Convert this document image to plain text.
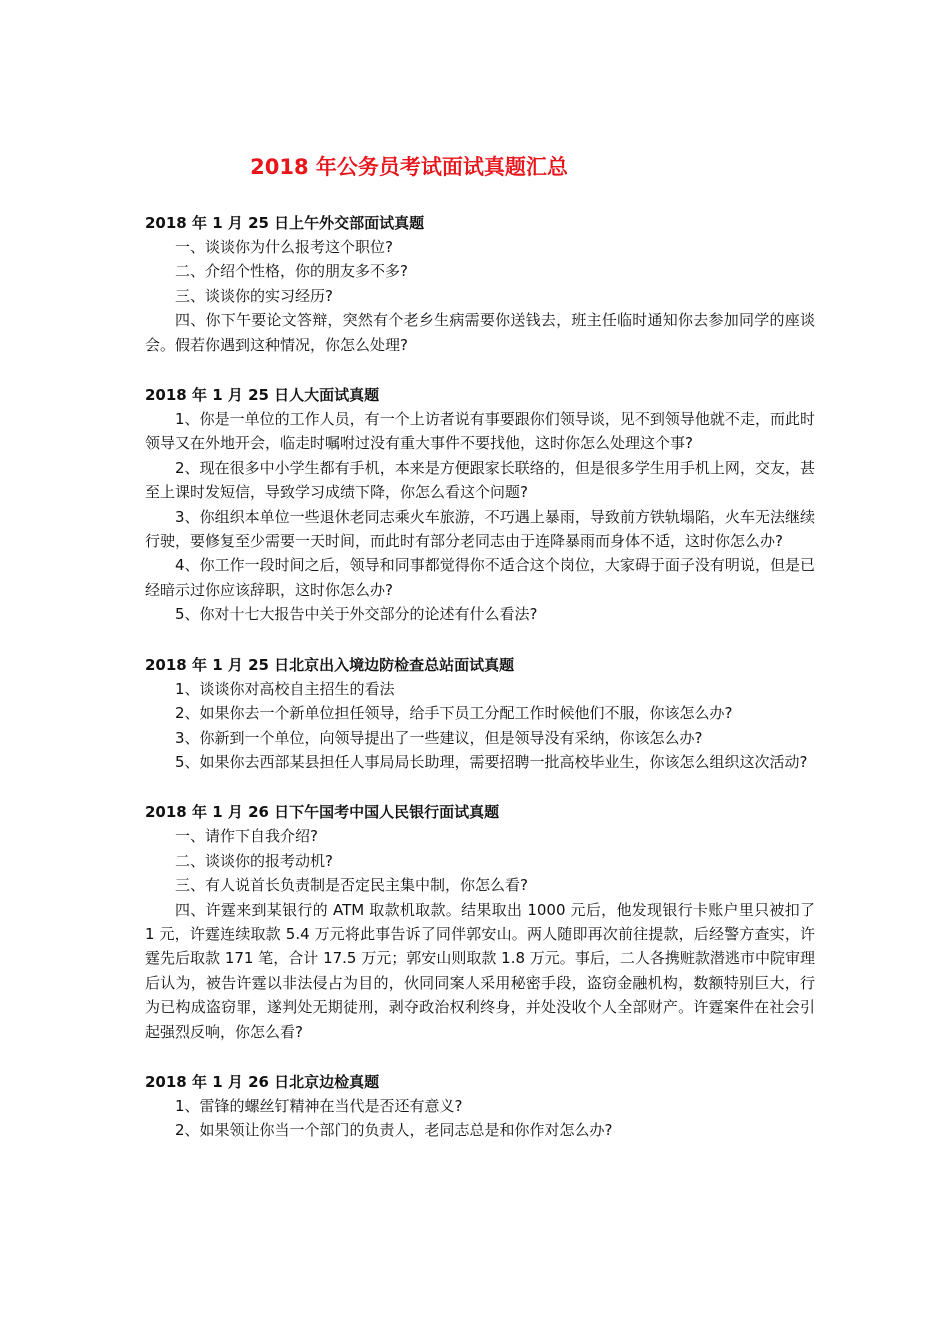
2018 年公务员考试面试真题汇总

2018 年 1 月 25 日上午外交部面试真题

一、谈谈你为什么报考这个职位?

二、介绍个性格，你的朋友多不多?

三、谈谈你的实习经历?

四、你下午要论文答辩，突然有个老乡生病需要你送钱去，班主任临时通知你去参加同学的座谈会。假若你遇到这种情况，你怎么处理?

2018 年 1 月 25 日人大面试真题

1、你是一单位的工作人员，有一个上访者说有事要跟你们领导谈，见不到领导他就不走，而此时领导又在外地开会，临走时嘱咐过没有重大事件不要找他，这时你怎么处理这个事?

2、现在很多中小学生都有手机，本来是方便跟家长联络的，但是很多学生用手机上网，交友，甚至上课时发短信，导致学习成绩下降，你怎么看这个问题?

3、你组织本单位一些退休老同志乘火车旅游，不巧遇上暴雨，导致前方铁轨塌陷，火车无法继续行驶，要修复至少需要一天时间，而此时有部分老同志由于连降暴雨而身体不适，这时你怎么办?

4、你工作一段时间之后，领导和同事都觉得你不适合这个岗位，大家碍于面子没有明说，但是已经暗示过你应该辞职，这时你怎么办?

5、你对十七大报告中关于外交部分的论述有什么看法?

2018 年 1 月 25 日北京出入境边防检查总站面试真题

1、谈谈你对高校自主招生的看法

2、如果你去一个新单位担任领导，给手下员工分配工作时候他们不服，你该怎么办?

3、你新到一个单位，向领导提出了一些建议，但是领导没有采纳，你该怎么办?

5、如果你去西部某县担任人事局局长助理，需要招聘一批高校毕业生，你该怎么组织这次活动?

2018 年 1 月 26 日下午国考中国人民银行面试真题

一、请作下自我介绍?

二、谈谈你的报考动机?

三、有人说首长负责制是否定民主集中制，你怎么看?

四、许霆来到某银行的 ATM 取款机取款。结果取出 1000 元后，他发现银行卡账户里只被扣了 1 元，许霆连续取款 5.4 万元将此事告诉了同伴郭安山。两人随即再次前往提款，后经警方查实，许霆先后取款 171 笔，合计 17.5 万元；郭安山则取款 1.8 万元。事后，二人各携赃款潜逃市中院审理后认为，被告许霆以非法侵占为目的，伙同同案人采用秘密手段，盗窃金融机构，数额特别巨大，行为已构成盗窃罪，遂判处无期徒刑，剥夺政治权利终身，并处没收个人全部财产。许霆案件在社会引起强烈反响，你怎么看?

2018 年 1 月 26 日北京边检真题

1、雷锋的螺丝钉精神在当代是否还有意义?

2、如果领让你当一个部门的负责人，老同志总是和你作对怎么办?
